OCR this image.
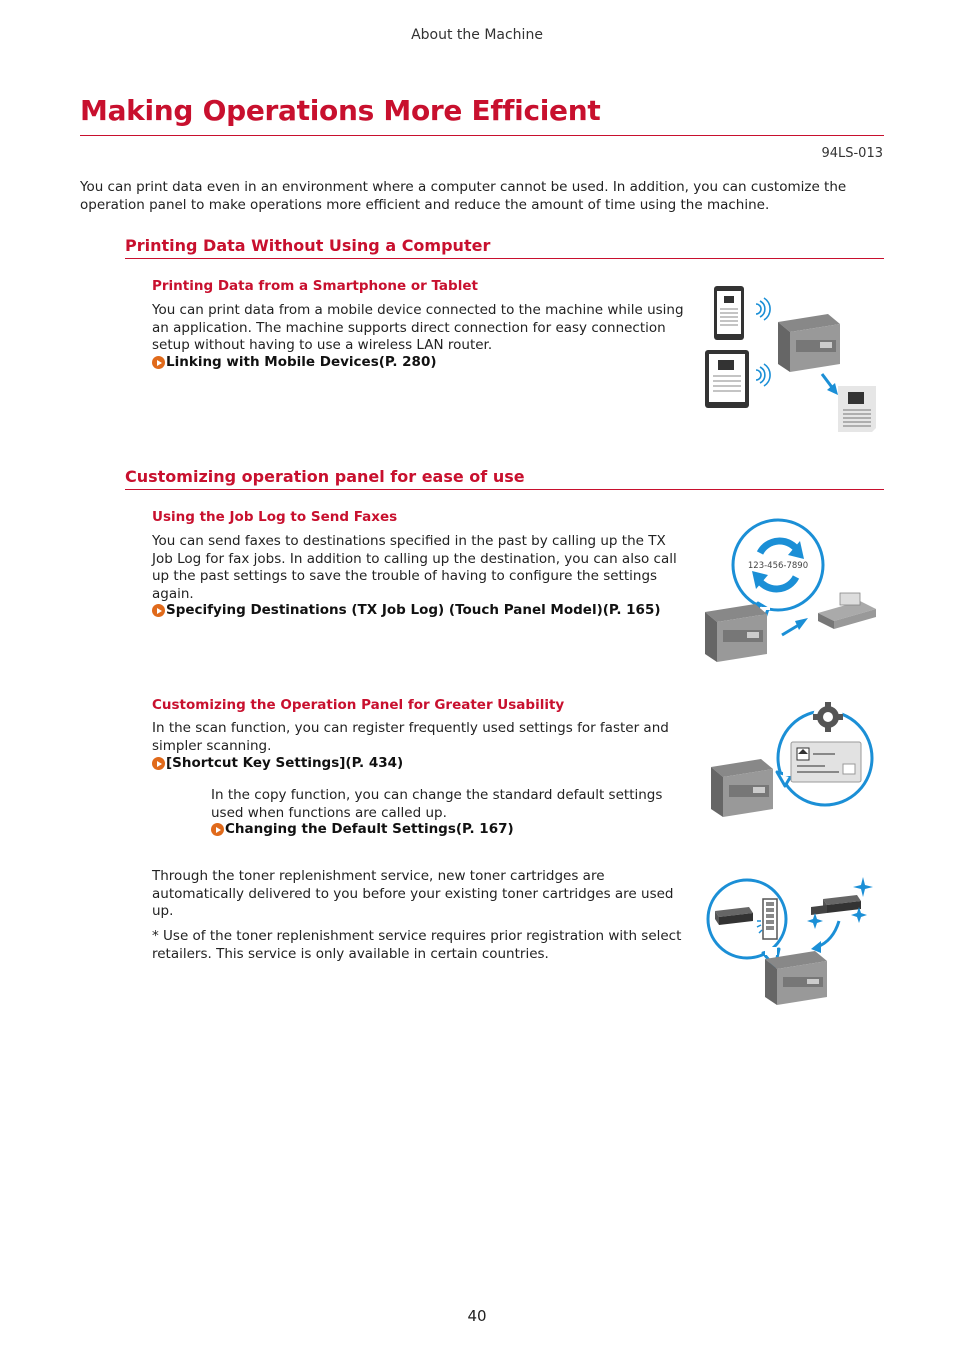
About the Machine
Making Operations More Efficient
94LS-013
You can print data even in an environment where a computer cannot be used. In addition, you can customize the operation panel to make operations more efficient and reduce the amount of time using the machine.
Printing Data Without Using a Computer
Printing Data from a Smartphone or Tablet
You can print data from a mobile device connected to the machine while using an application. The machine supports direct connection for easy connection setup without having to use a wireless LAN router.
Linking with Mobile Devices(P. 280)
Customizing operation panel for ease of use
Using the Job Log to Send Faxes
You can send faxes to destinations specified in the past by calling up the TX Job Log for fax jobs. In addition to calling up the destination, you can also call up the past settings to save the trouble of having to configure the settings again.
Specifying Destinations (TX Job Log) (Touch Panel Model)(P. 165)
123-456-7890
Customizing the Operation Panel for Greater Usability
In the scan function, you can register frequently used settings for faster and simpler scanning.
[Shortcut Key Settings](P. 434)
In the copy function, you can change the standard default settings used when functions are called up.
Changing the Default Settings(P. 167)
Through the toner replenishment service, new toner cartridges are automatically delivered to you before your existing toner cartridges are used up.
* Use of the toner replenishment service requires prior registration with select retailers. This service is only available in certain countries.
40
